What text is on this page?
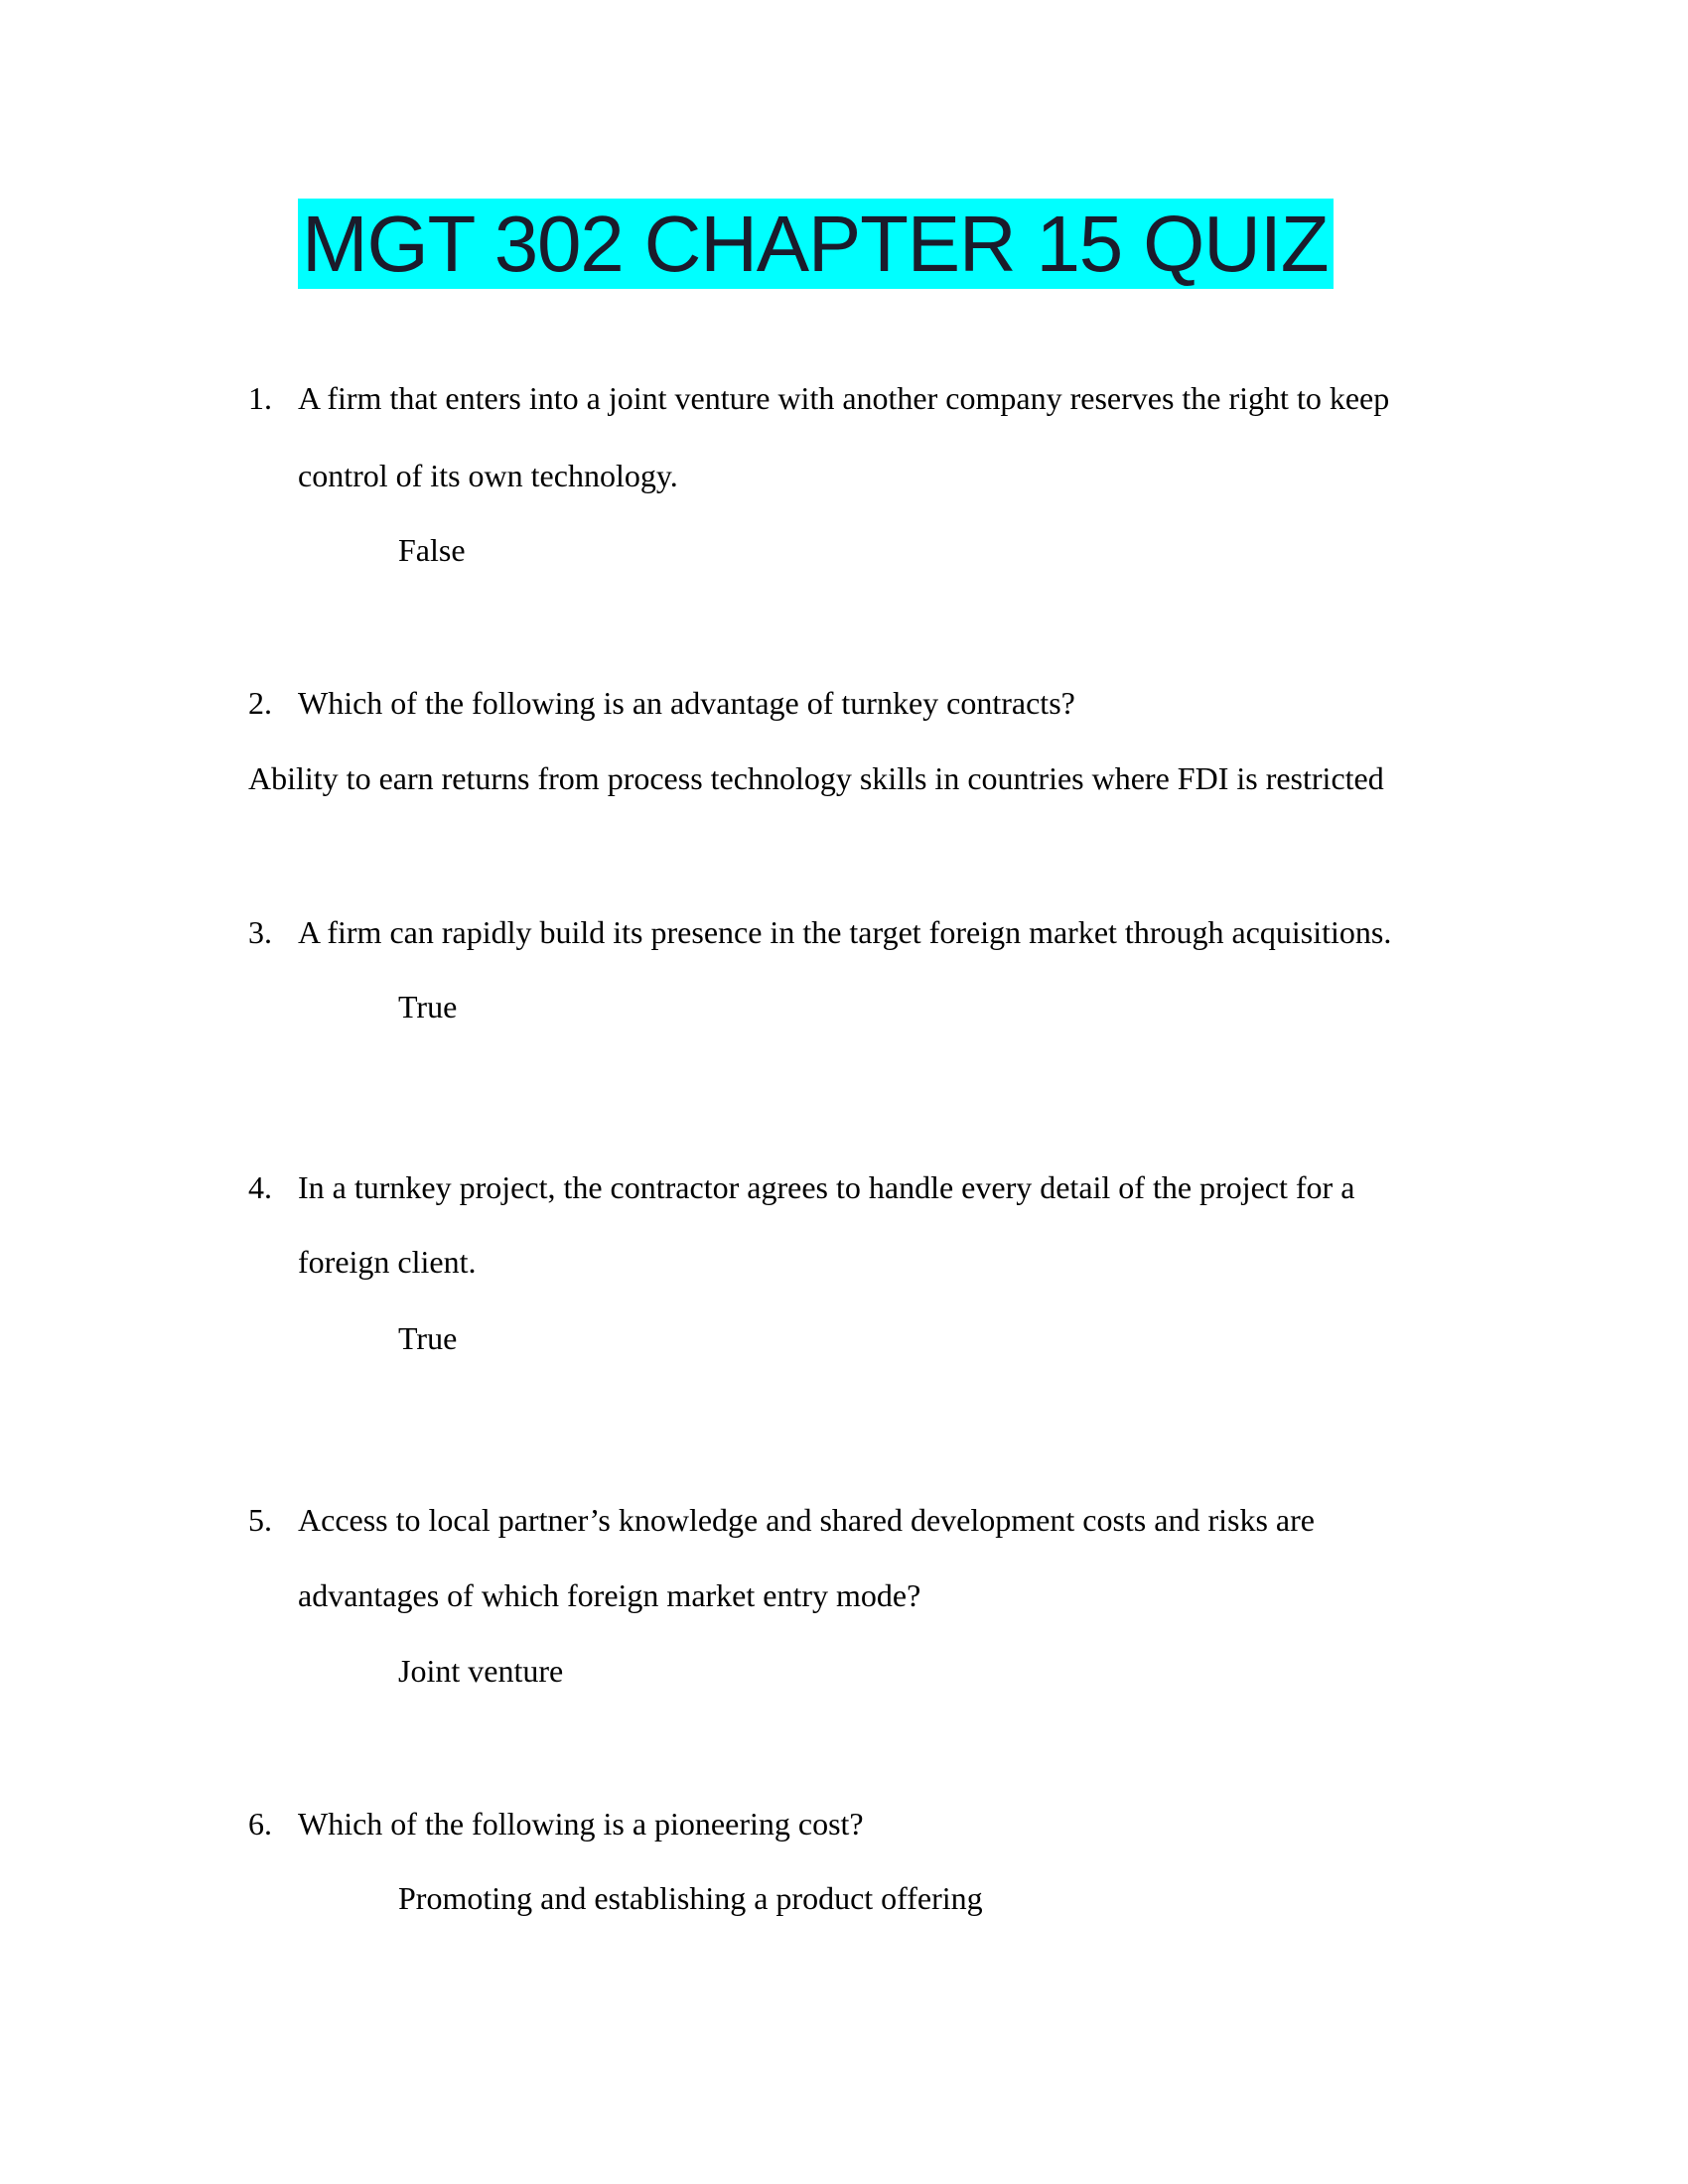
MGT 302 CHAPTER 15 QUIZ
1. A firm that enters into a joint venture with another company reserves the right to keep
control of its own technology.
False
2. Which of the following is an advantage of turnkey contracts?
Ability to earn returns from process technology skills in countries where FDI is restricted
3. A firm can rapidly build its presence in the target foreign market through acquisitions.
True
4. In a turnkey project, the contractor agrees to handle every detail of the project for a
foreign client.
True
5. Access to local partner’s knowledge and shared development costs and risks are
advantages of which foreign market entry mode?
Joint venture
6. Which of the following is a pioneering cost?
Promoting and establishing a product offering
